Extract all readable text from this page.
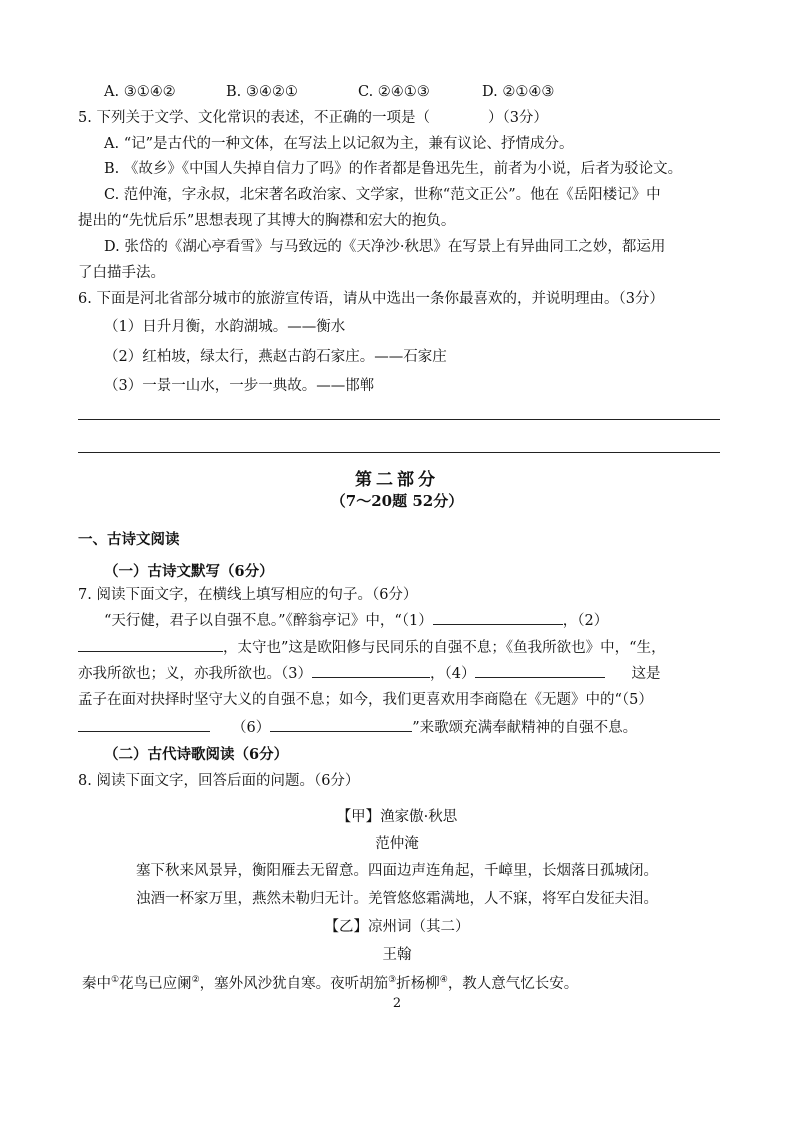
A. ③①④②	B. ③④②①	C. ②④①③	D. ②①④③
5. 下列关于文学、文化常识的表述，不正确的一项是（　　　　）（3分）
A. “记”是古代的一种文体，在写法上以记叙为主，兼有议论、抒情成分。
B. 《故乡》《中国人失掉自信力了吗》的作者都是鲁迅先生，前者为小说，后者为驳论文。
C. 范仲淹，字永叔，北宋著名政治家、文学家，世称“范文正公”。他在《岳阳楼记》中
提出的“先忧后乐”思想表现了其博大的胸襟和宏大的抱负。
D. 张岱的《湖心亭看雪》与马致远的《天净沙·秋思》在写景上有异曲同工之妙，都运用
了白描手法。
6. 下面是河北省部分城市的旅游宣传语，请从中选出一条你最喜欢的，并说明理由。（3分）
（1）日升月衡，水韵湖城。——衡水
（2）红柏坡，绿太行，燕赵古韵石家庄。——石家庄
（3）一景一山水，一步一典故。——邯郸
第二部分
（7～20题 52分）
一、古诗文阅读
（一）古诗文默写（6分）
7. 阅读下面文字，在横线上填写相应的句子。（6分）
“天行健，君子以自强不息。”《醉翁亭记》中，“（1）	，（2）
，太守也”这是欧阳修与民同乐的自强不息；《鱼我所欲也》中，“生，
亦我所欲也；义，亦我所欲也。（3）	，（4）	这是
孟子在面对抉择时坚守大义的自强不息；如今，我们更喜欢用李商隐在《无题》中的“（5）
（6）	”来歌颂充满奉献精神的自强不息。
（二）古代诗歌阅读（6分）
8. 阅读下面文字，回答后面的问题。（6分）
【甲】渔家傲·秋思
范仲淹
塞下秋来风景异，衡阳雁去无留意。四面边声连角起，千嶂里，长烟落日孤城闭。
浊酒一杯家万里，燕然未勒归无计。羌管悠悠霜满地，人不寐，将军白发征夫泪。
【乙】凉州词（其二）
王翰
秦中①花鸟已应阑②，塞外风沙犹自寒。夜听胡笳③折杨柳④，教人意气忆长安。
2
